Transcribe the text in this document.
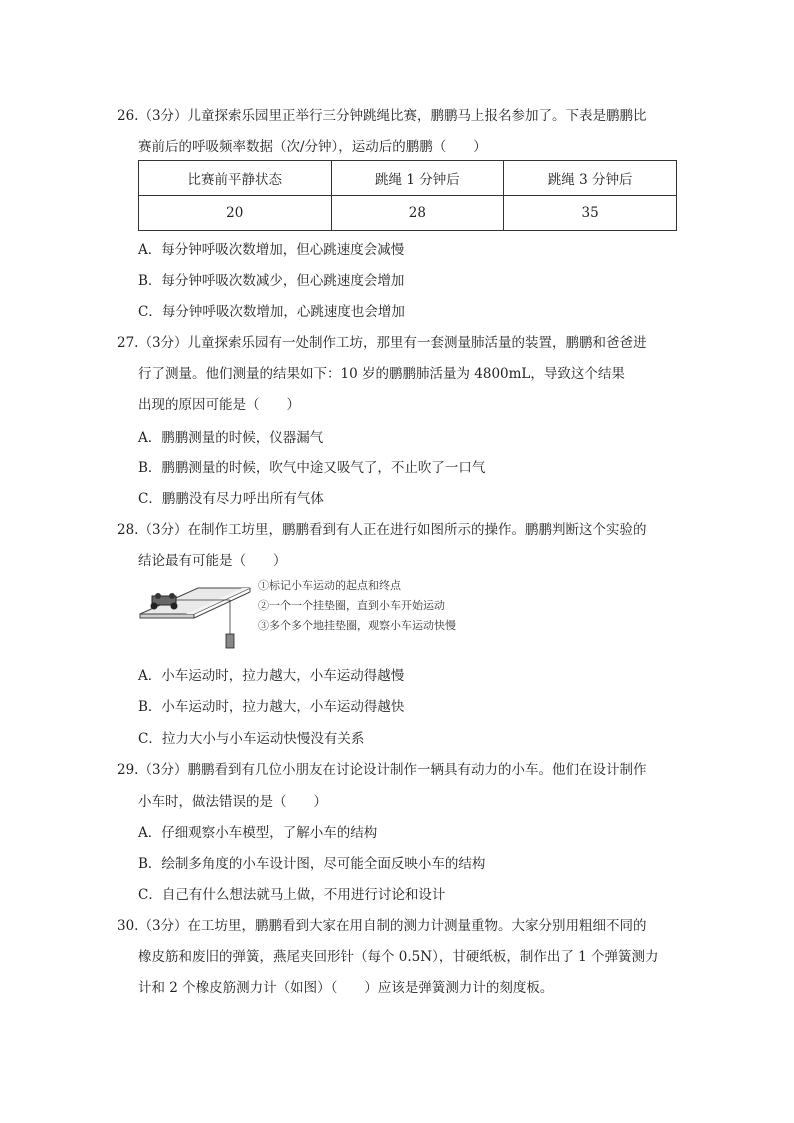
26.（3分）儿童探索乐园里正举行三分钟跳绳比赛，鹏鹏马上报名参加了。下表是鹏鹏比
赛前后的呼吸频率数据（次/分钟），运动后的鹏鹏（　　）
比赛前平静状态	跳绳 1 分钟后	跳绳 3 分钟后
20	28	35
A．每分钟呼吸次数增加，但心跳速度会减慢
B．每分钟呼吸次数减少，但心跳速度会增加
C．每分钟呼吸次数增加，心跳速度也会增加
27.（3分）儿童探索乐园有一处制作工坊，那里有一套测量肺活量的装置，鹏鹏和爸爸进
行了测量。他们测量的结果如下：10 岁的鹏鹏肺活量为 4800mL，导致这个结果
出现的原因可能是（　　）
A．鹏鹏测量的时候，仪器漏气
B．鹏鹏测量的时候，吹气中途又吸气了，不止吹了一口气
C．鹏鹏没有尽力呼出所有气体
28.（3分）在制作工坊里，鹏鹏看到有人正在进行如图所示的操作。鹏鹏判断这个实验的
结论最有可能是（　　）
①标记小车运动的起点和终点
②一个一个挂垫圈，直到小车开始运动
③多个多个地挂垫圈，观察小车运动快慢
A．小车运动时，拉力越大，小车运动得越慢
B．小车运动时，拉力越大，小车运动得越快
C．拉力大小与小车运动快慢没有关系
29.（3分）鹏鹏看到有几位小朋友在讨论设计制作一辆具有动力的小车。他们在设计制作
小车时，做法错误的是（　　）
A．仔细观察小车模型，了解小车的结构
B．绘制多角度的小车设计图，尽可能全面反映小车的结构
C．自己有什么想法就马上做，不用进行讨论和设计
30.（3分）在工坊里，鹏鹏看到大家在用自制的测力计测量重物。大家分别用粗细不同的
橡皮筋和废旧的弹簧，燕尾夹回形针（每个 0.5N），甘硬纸板，制作出了 1 个弹簧测力
计和 2 个橡皮筋测力计（如图）（　　）应该是弹簧测力计的刻度板。
